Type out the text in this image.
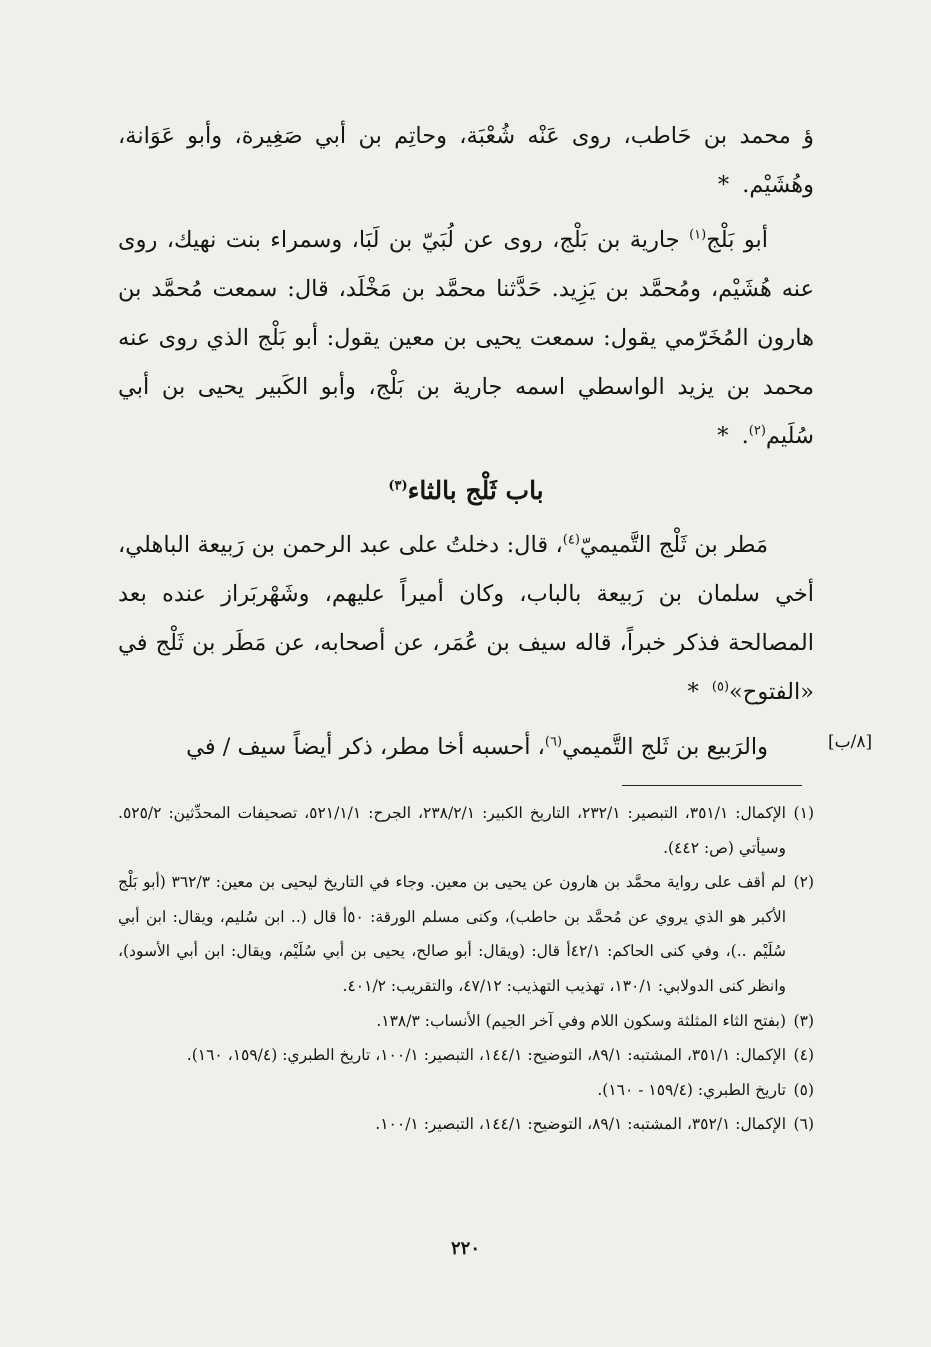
ؤ محمد بن حَاطب، روى عَنْه شُعْبَة، وحاتِم بن أبي صَغِيرة، وأبو عَوَانة، وهُشَيْم. *

أبو بَلْج$^{(١)}$ جارية بن بَلْج، روى عن لُبَيّ بن لَبَا، وسمراء بنت نهيك، روى عنه هُشَيْم، ومُحمَّد بن يَزِيد. حَدَّثنا محمَّد بن مَخْلَد، قال: سمعت مُحمَّد بن هارون المُخَرّمي يقول: سمعت يحيى بن معين يقول: أبو بَلْج الذي روى عنه محمد بن يزيد الواسطي اسمه جارية بن بَلْج، وأبو الكَبير يحيى بن أبي سُلَيم$^{(٢)}$. *

باب ثَلْج بالثاء$^{(٣)}$

مَطر بن ثَلْج التَّميميّ$^{(٤)}$، قال: دخلتُ على عبد الرحمن بن رَبيعة الباهلي، أخي سلمان بن رَبيعة بالباب، وكان أميراً عليهم، وشَهْربَراز عنده بعد المصالحة فذكر خبراً، قاله سيف بن عُمَر، عن أصحابه، عن مَطَر بن ثَلْج في «الفتوح»$^{(٥)}$ *

والرَبيع بن ثَلج التَّميمي$^{(٦)}$، أحسبه أخا مطر، ذكر أيضاً سيف / في	[٨/ب]

(١)الإكمال: ٣٥١/١، التبصير: ٢٣٢/١، التاريخ الكبير: ٢٣٨/٢/١، الجرح: ٥٢١/١/١، تصحيفات المحدِّثين: ٥٢٥/٢. وسيأتي (ص: ٤٤٢).

(٢)لم أقف على رواية محمَّد بن هارون عن يحيى بن معين. وجاء في التاريخ ليحيى بن معين: ٣٦٢/٣ (أبو بَلْج الأكبر هو الذي يروي عن مُحمَّد بن حاطب)، وكنى مسلم الورقة: ٥٠أ قال (.. ابن سُليم، ويقال: ابن أبي سُلَيْم ..)، وفي كنى الحاكم: ٤٢/١أ قال: (ويقال: أبو صالح، يحيى بن أبي سُلَيْم، ويقال: ابن أبي الأسود)، وانظر كنى الدولابي: ١٣٠/١، تهذيب التهذيب: ٤٧/١٢، والتقريب: ٤٠١/٢.

(٣)(بفتح الثاء المثلثة وسكون اللام وفي آخر الجيم) الأنساب: ١٣٨/٣.

(٤)الإكمال: ٣٥١/١، المشتبه: ٨٩/١، التوضيح: ١٤٤/١، التبصير: ١٠٠/١، تاريخ الطبري: (١٥٩/٤، ١٦٠).

(٥)تاريخ الطبري: (١٥٩/٤ - ١٦٠).

(٦)الإكمال: ٣٥٢/١، المشتبه: ٨٩/١، التوضيح: ١٤٤/١، التبصير: ١٠٠/١.

٢٢٠
